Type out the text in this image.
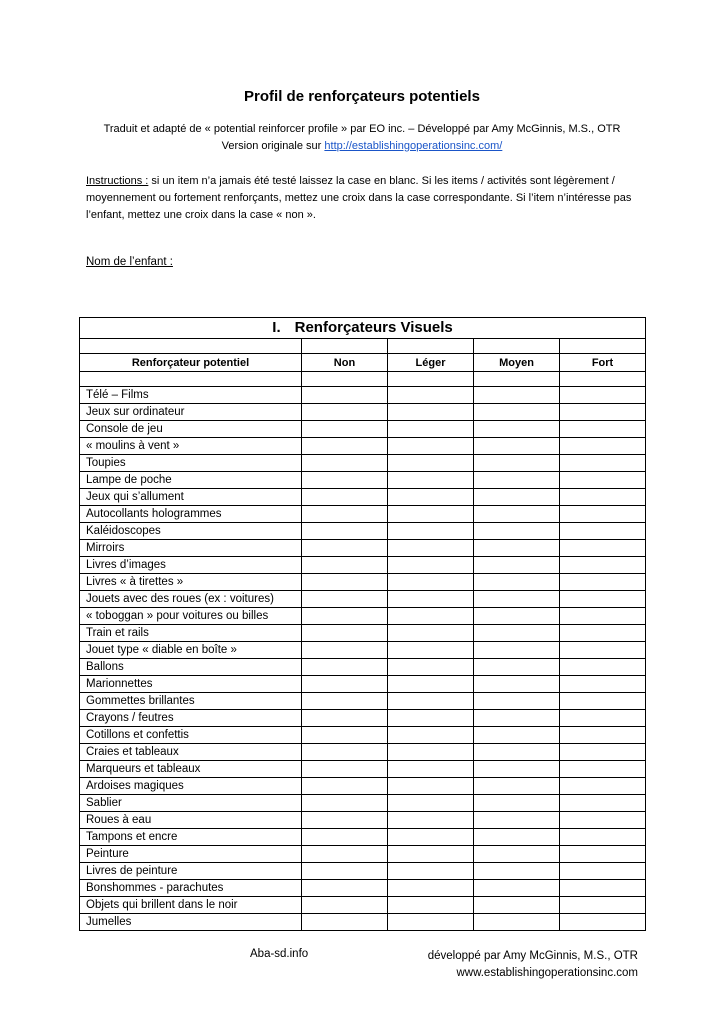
Profil de renforçateurs potentiels
Traduit et adapté de « potential reinforcer profile » par EO inc. – Développé par Amy McGinnis, M.S., OTR
Version originale sur http://establishingoperationsinc.com/
Instructions : si un item n’a jamais été testé laissez la case en blanc. Si les items / activités sont légèrement / moyennement ou fortement renforçants, mettez une croix dans la case correspondante. Si l’item n’intéresse pas l’enfant, mettez une croix dans la case « non ».
Nom de l’enfant :
I. Renforçateurs Visuels				

Renforçateur potentiel	Non	Léger	Moyen	Fort

Télé – Films				
Jeux sur ordinateur				
Console de jeu				
« moulins à vent »				
Toupies				
Lampe de poche				
Jeux qui s’allument				
Autocollants hologrammes				
Kaléidoscopes				
Mirroirs				
Livres d’images				
Livres « à tirettes »				
Jouets avec des roues (ex : voitures)				
« toboggan » pour voitures ou billes				
Train et rails				
Jouet type « diable en boîte »				
Ballons				
Marionnettes				
Gommettes brillantes				
Crayons / feutres				
Cotillons et confettis				
Craies et tableaux				
Marqueurs et tableaux				
Ardoises magiques				
Sablier				
Roues à eau				
Tampons et encre				
Peinture				
Livres de peinture				
Bonshommes - parachutes				
Objets qui brillent dans le noir				
Jumelles				
Aba-sd.info	développé par Amy McGinnis, M.S., OTR
www.establishingoperationsinc.com
